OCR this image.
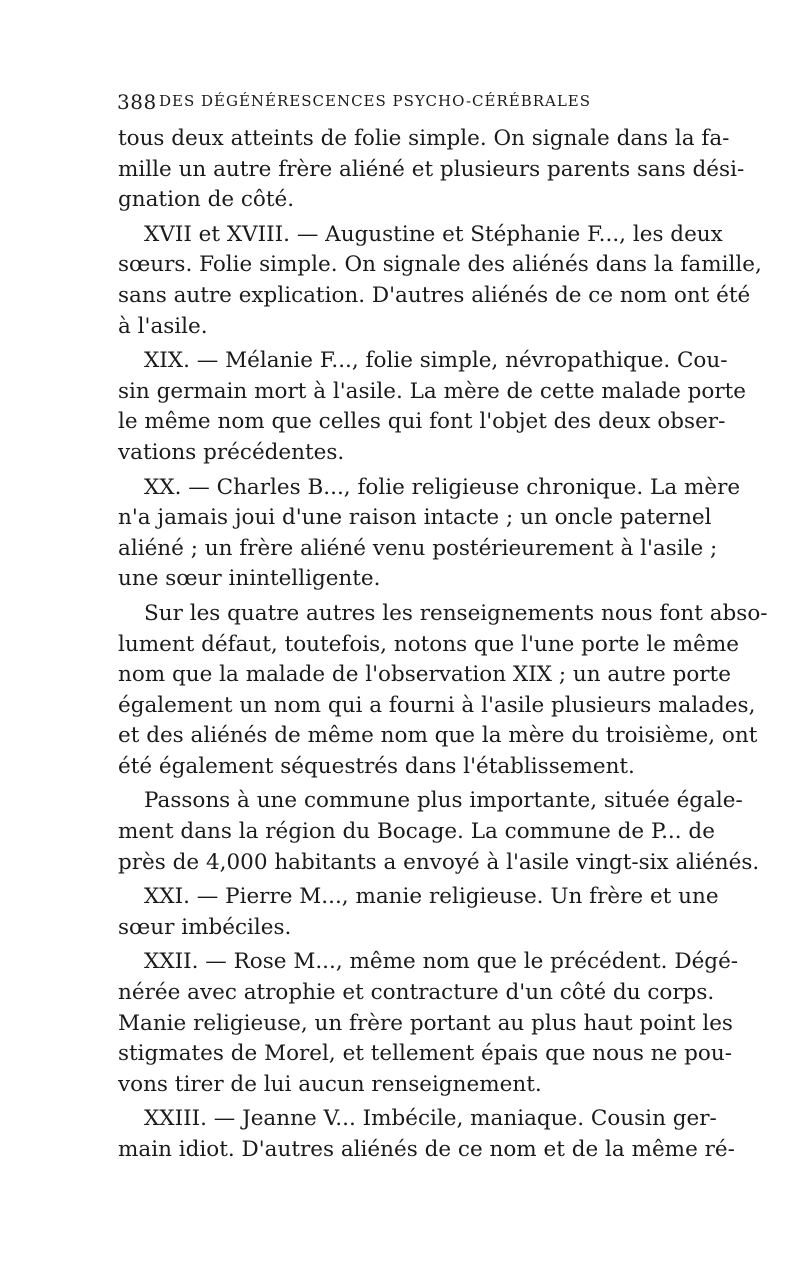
388 DES DÉGÉNÉRESCENCES PSYCHO-CÉRÉBRALES
tous deux atteints de folie simple. On signale dans la fa-
mille un autre frère aliéné et plusieurs parents sans dési-
gnation de côté.
XVII et XVIII. — Augustine et Stéphanie F..., les deux
sœurs. Folie simple. On signale des aliénés dans la famille,
sans autre explication. D'autres aliénés de ce nom ont été
à l'asile.
XIX. — Mélanie F..., folie simple, névropathique. Cou-
sin germain mort à l'asile. La mère de cette malade porte
le même nom que celles qui font l'objet des deux obser-
vations précédentes.
XX. — Charles B..., folie religieuse chronique. La mère
n'a jamais joui d'une raison intacte ; un oncle paternel
aliéné ; un frère aliéné venu postérieurement à l'asile ;
une sœur inintelligente.
Sur les quatre autres les renseignements nous font abso-
lument défaut, toutefois, notons que l'une porte le même
nom que la malade de l'observation XIX ; un autre porte
également un nom qui a fourni à l'asile plusieurs malades,
et des aliénés de même nom que la mère du troisième, ont
été également séquestrés dans l'établissement.
Passons à une commune plus importante, située égale-
ment dans la région du Bocage. La commune de P... de
près de 4,000 habitants a envoyé à l'asile vingt-six aliénés.
XXI. — Pierre M..., manie religieuse. Un frère et une
sœur imbéciles.
XXII. — Rose M..., même nom que le précédent. Dégé-
nérée avec atrophie et contracture d'un côté du corps.
Manie religieuse, un frère portant au plus haut point les
stigmates de Morel, et tellement épais que nous ne pou-
vons tirer de lui aucun renseignement.
XXIII. — Jeanne V... Imbécile, maniaque. Cousin ger-
main idiot. D'autres aliénés de ce nom et de la même ré-
